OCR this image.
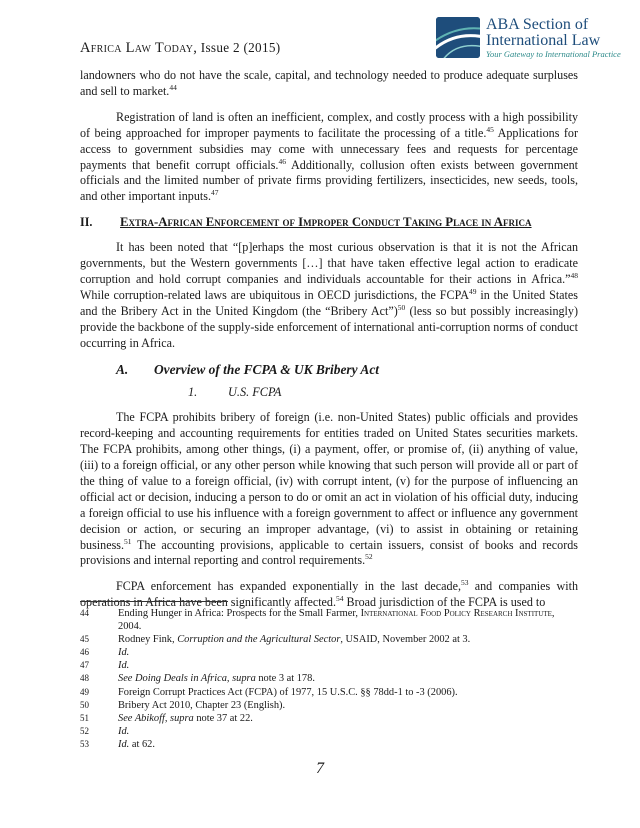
Africa Law Today, Issue 2 (2015)
ABA Section of
International Law
Your Gateway to International Practice

landowners who do not have the scale, capital, and technology needed to produce adequate surpluses and sell to market.$^{44}$

Registration of land is often an inefficient, complex, and costly process with a high possibility of being approached for improper payments to facilitate the processing of a title.$^{45}$ Applications for access to government subsidies may come with unnecessary fees and requests for percentage payments that benefit corrupt officials.$^{46}$ Additionally, collusion often exists between government officials and the limited number of private firms providing fertilizers, insecticides, new seeds, tools, and other important inputs.$^{47}$

II.	Extra-African Enforcement of Improper Conduct Taking Place in Africa

It has been noted that “[p]erhaps the most curious observation is that it is not the African governments, but the Western governments […] that have taken effective legal action to eradicate corruption and hold corrupt companies and individuals accountable for their actions in Africa.”$^{48}$ While corruption-related laws are ubiquitous in OECD jurisdictions, the FCPA$^{49}$ in the United States and the Bribery Act in the United Kingdom (the “Bribery Act”)$^{50}$ (less so but possibly increasingly) provide the backbone of the supply-side enforcement of international anti-corruption norms of conduct occurring in Africa.

A.	Overview of the FCPA & UK Bribery Act
1.	U.S. FCPA

The FCPA prohibits bribery of foreign (i.e. non-United States) public officials and provides record-keeping and accounting requirements for entities traded on United States securities markets. The FCPA prohibits, among other things, (i) a payment, offer, or promise of, (ii) anything of value, (iii) to a foreign official, or any other person while knowing that such person will provide all or part of the thing of value to a foreign official, (iv) with corrupt intent, (v) for the purpose of influencing an official act or decision, inducing a person to do or omit an act in violation of his official duty, inducing a foreign official to use his influence with a foreign government to affect or influence any government decision or action, or securing an improper advantage, (vi) to assist in obtaining or retaining business.$^{51}$ The accounting provisions, applicable to certain issuers, consist of books and records provisions and internal reporting and control requirements.$^{52}$

FCPA enforcement has expanded exponentially in the last decade,$^{53}$ and companies with operations in Africa have been significantly affected.$^{54}$ Broad jurisdiction of the FCPA is used to

44	Ending Hunger in Africa: Prospects for the Small Farmer, International Food Policy Research Institute, 2004.
45	Rodney Fink, Corruption and the Agricultural Sector, USAID, November 2002 at 3.
46	Id.
47	Id.
48	See Doing Deals in Africa, supra note 3 at 178.
49	Foreign Corrupt Practices Act (FCPA) of 1977, 15 U.S.C. §§ 78dd-1 to -3 (2006).
50	Bribery Act 2010, Chapter 23 (English).
51	See Abikoff, supra note 37 at 22.
52	Id.
53	Id. at 62.
7
